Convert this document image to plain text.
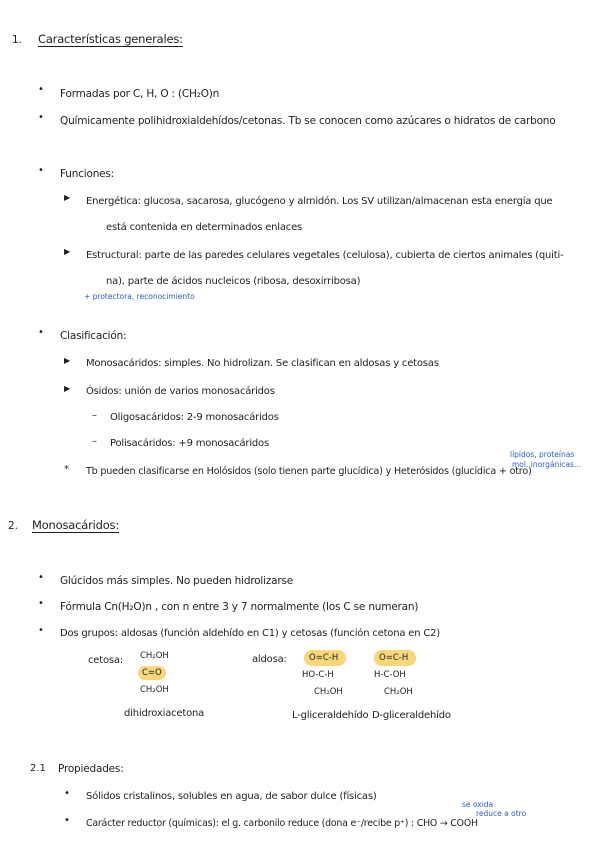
1. Características generales:
• Formadas por C, H, O : (CH₂O)n
• Químicamente polihidroxialdehídos/cetonas. Tb se conocen como azúcares o hidratos de carbono
• Funciones:
▶ Energética: glucosa, sacarosa, glucógeno y almidón. Los SV utilizan/almacenan esta energía que
está contenida en determinados enlaces
▶ Estructural: parte de las paredes celulares vegetales (celulosa), cubierta de ciertos animales (quiti-
na), parte de ácidos nucleicos (ribosa, desoxirribosa)
+ protectora, reconocimiento
• Clasificación:
▶ Monosacáridos: simples. No hidrolizan. Se clasifican en aldosas y cetosas
▶ Ósidos: unión de varios monosacáridos
– Oligosacáridos: 2-9 monosacáridos
– Polisacáridos: +9 monosacáridos
lípidos, proteínas
mol. inorgánicas...
* Tb pueden clasificarse en Holósidos (solo tienen parte glucídica) y Heterósidos (glucídica + otro)
2. Monosacáridos:
• Glúcidos más simples. No pueden hidrolizarse
• Fórmula Cn(H₂O)n , con n entre 3 y 7 normalmente (los C se numeran)
• Dos grupos: aldosas (función aldehído en C1) y cetosas (función cetona en C2)
cetosa: CH₂OH
C=O
CH₂OH
dihidroxiacetona
aldosa:	O=C-H
HO-C-H
CH₂OH
L-gliceraldehído
O=C-H
H-C-OH
CH₂OH
D-gliceraldehído
2.1 Propiedades:
• Sólidos cristalinos, solubles en agua, de sabor dulce (físicas)
se oxida
reduce a otro
• Carácter reductor (químicas): el g. carbonilo reduce (dona e⁻/recibe p⁺) : CHO → COOH
